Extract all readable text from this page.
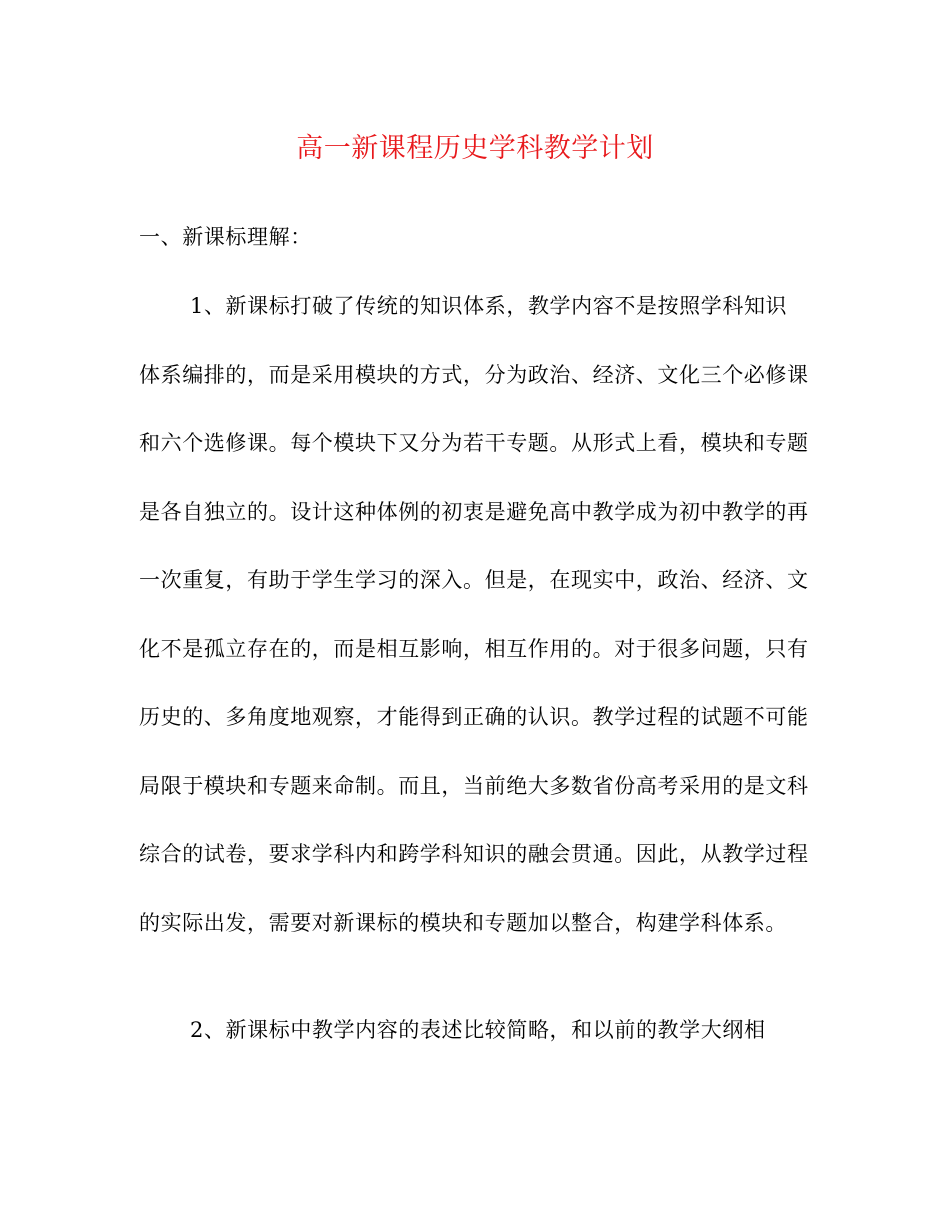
高一新课程历史学科教学计划
一、新课标理解：
1、新课标打破了传统的知识体系，教学内容不是按照学科知识
体系编排的，而是采用模块的方式，分为政治、经济、文化三个必修课
和六个选修课。每个模块下又分为若干专题。从形式上看，模块和专题
是各自独立的。设计这种体例的初衷是避免高中教学成为初中教学的再
一次重复，有助于学生学习的深入。但是，在现实中，政治、经济、文
化不是孤立存在的，而是相互影响，相互作用的。对于很多问题，只有
历史的、多角度地观察，才能得到正确的认识。教学过程的试题不可能
局限于模块和专题来命制。而且，当前绝大多数省份高考采用的是文科
综合的试卷，要求学科内和跨学科知识的融会贯通。因此，从教学过程
的实际出发，需要对新课标的模块和专题加以整合，构建学科体系。
2、新课标中教学内容的表述比较简略，和以前的教学大纲相
